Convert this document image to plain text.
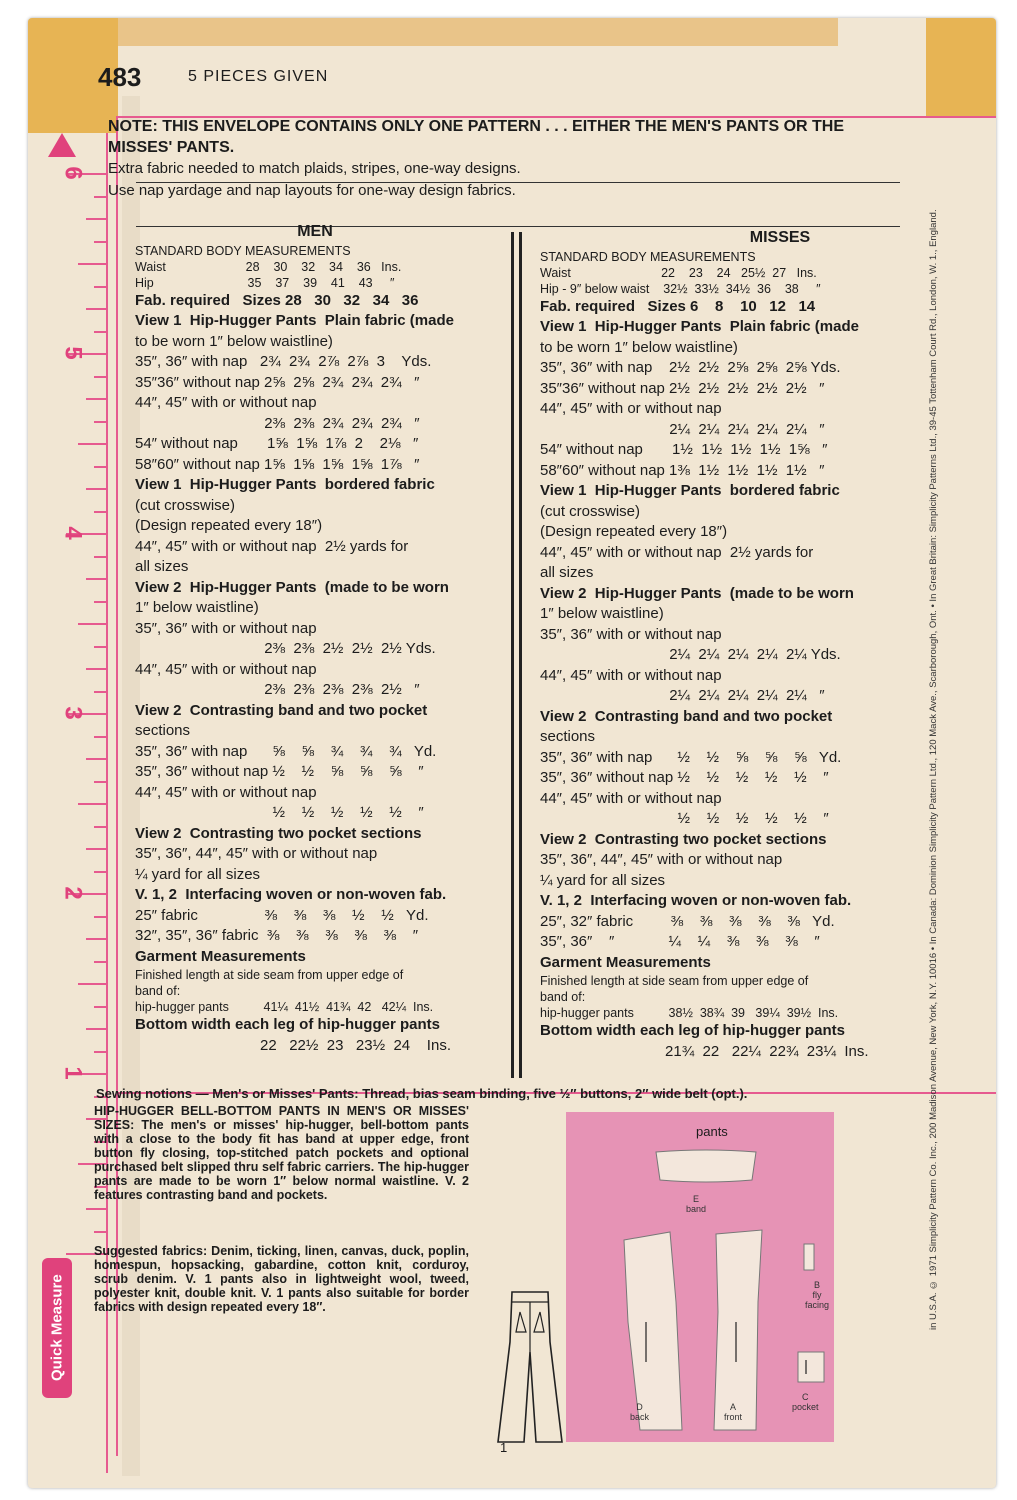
Quick Measure
6
5
4
3
2
1
483	5 PIECES GIVEN
NOTE: THIS ENVELOPE CONTAINS ONLY ONE PATTERN . . . EITHER THE MEN'S PANTS OR THE MISSES' PANTS.
Extra fabric needed to match plaids, stripes, one-way designs.
Use nap yardage and nap layouts for one-way design fabrics.
MEN
STANDARD BODY MEASUREMENTS
Waist                       28    30    32    34    36   Ins.
Hip                           35    37    39    41    43     ″
Fab. required   Sizes 28   30   32   34   36
View 1  Hip-Hugger Pants  Plain fabric (made
to be worn 1″ below waistline)
35″, 36″ with nap   2¾  2¾  2⅞  2⅞  3    Yds.
35″36″ without nap 2⅝  2⅝  2¾  2¾  2¾   ″
44″, 45″ with or without nap
2⅜  2⅜  2¾  2¾  2¾   ″
54″ without nap       1⅝  1⅝  1⅞  2    2⅛   ″
58″60″ without nap 1⅝  1⅝  1⅝  1⅝  1⅞   ″
View 1  Hip-Hugger Pants  bordered fabric
(cut crosswise)
(Design repeated every 18″)
44″, 45″ with or without nap  2½ yards for
all sizes
View 2  Hip-Hugger Pants  (made to be worn
1″ below waistline)
35″, 36″ with or without nap
2⅜  2⅜  2½  2½  2½ Yds.
44″, 45″ with or without nap
2⅜  2⅜  2⅜  2⅜  2½   ″
View 2  Contrasting band and two pocket
sections
35″, 36″ with nap      ⅝    ⅝    ¾    ¾    ¾   Yd.
35″, 36″ without nap ½    ½    ⅝    ⅝    ⅝    ″
44″, 45″ with or without nap
½    ½    ½    ½    ½    ″
View 2  Contrasting two pocket sections
35″, 36″, 44″, 45″ with or without nap
¼ yard for all sizes
V. 1, 2  Interfacing woven or non-woven fab.
25″ fabric                ⅜    ⅜    ⅜    ½    ½   Yd.
32″, 35″, 36″ fabric  ⅜    ⅜    ⅜    ⅜    ⅜    ″
Garment Measurements
Finished length at side seam from upper edge of
band of:
hip-hugger pants          41¼  41½  41¾  42   42¼  Ins.
Bottom width each leg of hip-hugger pants
22   22½  23   23½  24    Ins.
MISSES
STANDARD BODY MEASUREMENTS
Waist                          22    23    24   25½  27   Ins.
Hip - 9″ below waist    32½  33½  34½  36    38     ″
Fab. required   Sizes 6    8    10   12   14
View 1  Hip-Hugger Pants  Plain fabric (made
to be worn 1″ below waistline)
35″, 36″ with nap    2½  2½  2⅝  2⅝  2⅝ Yds.
35″36″ without nap 2½  2½  2½  2½  2½   ″
44″, 45″ with or without nap
2¼  2¼  2¼  2¼  2¼   ″
54″ without nap       1½  1½  1½  1½  1⅝   ″
58″60″ without nap 1⅜  1½  1½  1½  1½   ″
View 1  Hip-Hugger Pants  bordered fabric
(cut crosswise)
(Design repeated every 18″)
44″, 45″ with or without nap  2½ yards for
all sizes
View 2  Hip-Hugger Pants  (made to be worn
1″ below waistline)
35″, 36″ with or without nap
2¼  2¼  2¼  2¼  2¼ Yds.
44″, 45″ with or without nap
2¼  2¼  2¼  2¼  2¼   ″
View 2  Contrasting band and two pocket
sections
35″, 36″ with nap      ½    ½    ⅝    ⅝    ⅝   Yd.
35″, 36″ without nap ½    ½    ½    ½    ½    ″
44″, 45″ with or without nap
½    ½    ½    ½    ½    ″
View 2  Contrasting two pocket sections
35″, 36″, 44″, 45″ with or without nap
¼ yard for all sizes
V. 1, 2  Interfacing woven or non-woven fab.
25″, 32″ fabric         ⅜    ⅜    ⅜    ⅜    ⅜   Yd.
35″, 36″    ″             ¼    ¼    ⅜    ⅜    ⅜    ″
Garment Measurements
Finished length at side seam from upper edge of
band of:
hip-hugger pants          38½  38¾  39   39¼  39½  Ins.
Bottom width each leg of hip-hugger pants
21¾  22   22¼  22¾  23¼  Ins.
Sewing notions — Men's or Misses' Pants: Thread, bias seam binding, five ½″ buttons, 2″ wide belt (opt.).
HIP-HUGGER BELL-BOTTOM PANTS IN MEN'S OR MISSES' SIZES: The men's or misses' hip-hugger, bell-bottom pants with a close to the body fit has band at upper edge, front button fly closing, top-stitched patch pockets and optional purchased belt slipped thru self fabric carriers. The hip-hugger pants are made to be worn 1″ below normal waistline. V. 2 features contrasting band and pockets.
Suggested fabrics: Denim, ticking, linen, canvas, duck, poplin, homespun, hopsacking, gabardine, cotton knit, corduroy, scrub denim. V. 1 pants also in lightweight wool, tweed, polyester knit, double knit. V. 1 pants also suitable for border fabrics with design repeated every 18″.
pants
E
band
D
back
A
front
B
fly facing
C
pocket
in U.S.A. © 1971 Simplicity Pattern Co. Inc., 200 Madison Avenue, New York, N.Y. 10016 • In Canada: Dominion Simplicity Pattern Ltd., 120 Mack Ave., Scarborough, Ont. • In Great Britain: Simplicity Patterns Ltd., 39-45 Tottenham Court Rd., London, W. 1., England.
1
